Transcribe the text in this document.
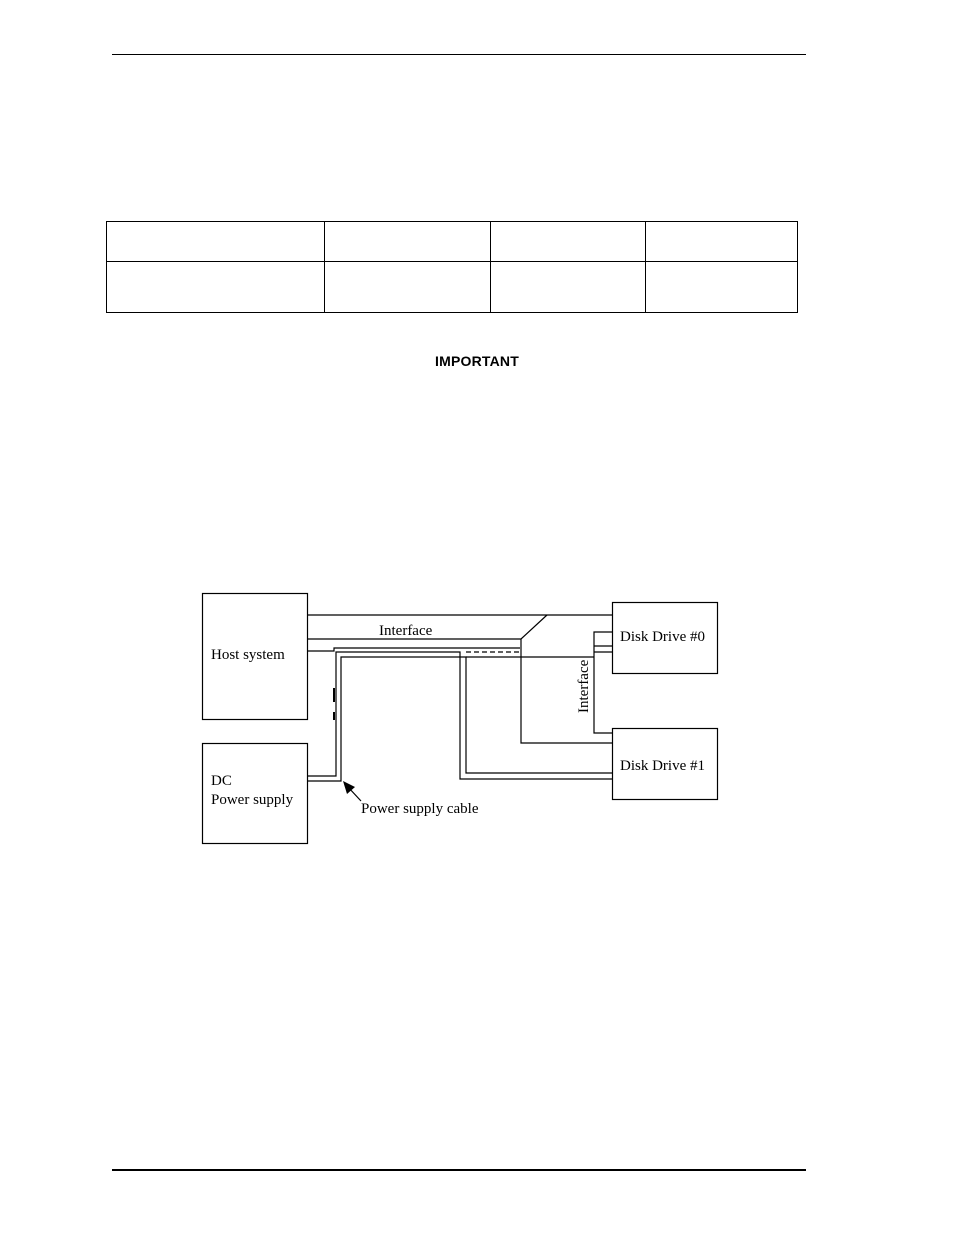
IMPORTANT
Host system
DC
Power supply
Disk Drive #0
Disk Drive #1
Interface
Interface
Power supply cable
